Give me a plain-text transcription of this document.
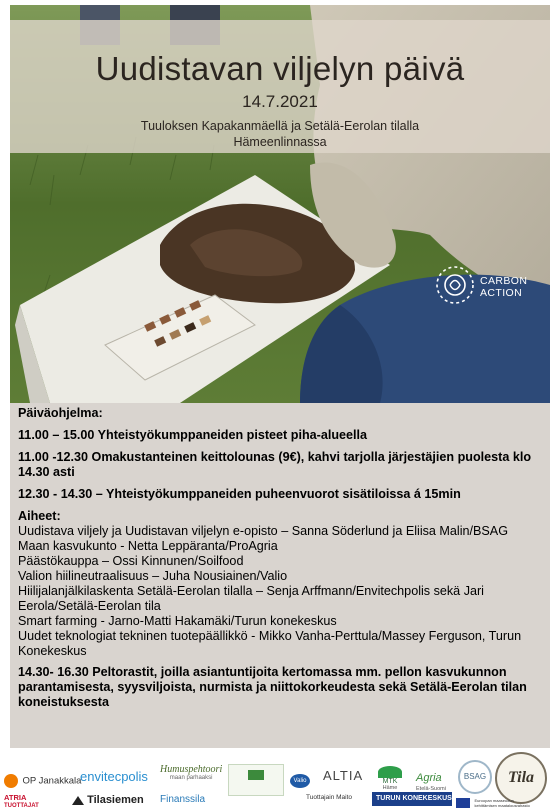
Uudistavan viljelyn päivä
14.7.2021
Tuuloksen Kapakanmäellä ja Setälä-Eerolan tilalla
Hämeenlinnassa
CARBON
ACTION

Päiväohjelma:

11.00 – 15.00 Yhteistyökumppaneiden pisteet piha-alueella

11.00 -12.30 Omakustanteinen keittolounas (9€), kahvi tarjolla järjestäjien puolesta klo 14.30 asti

12.30 - 14.30 – Yhteistyökumppaneiden puheenvuorot sisätiloissa á 15min

Aiheet:

Uudistava viljely ja Uudistavan viljelyn e-opisto – Sanna Söderlund ja Eliisa Malin/BSAG

Maan kasvukunto - Netta Leppäranta/ProAgria

Päästökauppa – Ossi Kinnunen/Soilfood

Valion hiilineutraalisuus – Juha Nousiainen/Valio

Hiilijalanjälkilaskenta Setälä-Eerolan tilalla – Senja Arffmann/Envitechpolis sekä Jari Eerola/Setälä-Eerolan tila

Smart farming - Jarno-Matti Hakamäki/Turun konekeskus

Uudet teknologiat tekninen tuotepäällikkö - Mikko Vanha-Perttula/Massey Ferguson, Turun Konekeskus

14.30- 16.30 Peltorastit, joilla asiantuntijoita kertomassa mm. pellon kasvukunnon parantamisesta, syysviljoista, nurmista ja niittokorkeudesta sekä Setälä-Eerolan tilan koneistuksesta

OP Janakkala
envitecpolis Humuspehtoori
maan parhaaksi	Valio ALTIA	MTK
Häme
Agria
Etelä-Suomi
BSAG	Tila
ATRIA
TUOTTAJAT	Tilasiemen Finanssila	Tuottajain Maito	TURUN KONEKESKUS	Euroopan maaseudun kehittämisen maatalousrahasto
